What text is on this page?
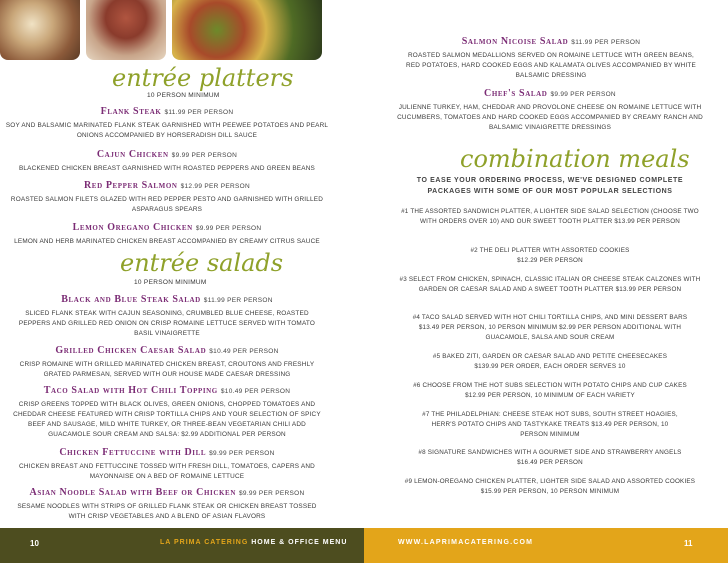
entrée platters
10 PERSON MINIMUM
Flank Steak $11.99 PER PERSON
SOY AND BALSAMIC MARINATED FLANK STEAK GARNISHED WITH PEEWEE POTATOES AND PEARL ONIONS ACCOMPANIED BY HORSERADISH DILL SAUCE
Cajun Chicken $9.99 PER PERSON
BLACKENED CHICKEN BREAST GARNISHED WITH ROASTED PEPPERS AND GREEN BEANS
Red Pepper Salmon $12.99 PER PERSON
ROASTED SALMON FILETS GLAZED WITH RED PEPPER PESTO AND GARNISHED WITH GRILLED ASPARAGUS SPEARS
Lemon Oregano Chicken $9.99 PER PERSON
LEMON AND HERB MARINATED CHICKEN BREAST ACCOMPANIED BY CREAMY CITRUS SAUCE
entrée salads
10 PERSON MINIMUM
Black and Blue Steak Salad $11.99 PER PERSON
SLICED FLANK STEAK WITH CAJUN SEASONING, CRUMBLED BLUE CHEESE, ROASTED PEPPERS AND GRILLED RED ONION ON CRISP ROMAINE LETTUCE SERVED WITH TOMATO BASIL VINAIGRETTE
Grilled Chicken Caesar Salad $10.49 PER PERSON
CRISP ROMAINE WITH GRILLED MARINATED CHICKEN BREAST, CROUTONS AND FRESHLY GRATED PARMESAN, SERVED WITH OUR HOUSE MADE CAESAR DRESSING
Taco Salad with Hot Chili Topping $10.49 PER PERSON
CRISP GREENS TOPPED WITH BLACK OLIVES, GREEN ONIONS, CHOPPED TOMATOES AND CHEDDAR CHEESE FEATURED WITH CRISP TORTILLA CHIPS AND YOUR SELECTION OF SPICY BEEF AND SAUSAGE, MILD WHITE TURKEY, OR THREE-BEAN VEGETARIAN CHILI ADD GUACAMOLE SOUR CREAM AND SALSA: $2.99 ADDITIONAL PER PERSON
Chicken Fettuccine with Dill $9.99 PER PERSON
CHICKEN BREAST AND FETTUCCINE TOSSED WITH FRESH DILL, TOMATOES, CAPERS AND MAYONNAISE ON A BED OF ROMAINE LETTUCE
Asian Noodle Salad with Beef or Chicken $9.99 PER PERSON
SESAME NOODLES WITH STRIPS OF GRILLED FLANK STEAK OR CHICKEN BREAST TOSSED WITH CRISP VEGETABLES AND A BLEND OF ASIAN FLAVORS
Salmon Nicoise Salad $11.99 PER PERSON
ROASTED SALMON MEDALLIONS SERVED ON ROMAINE LETTUCE WITH GREEN BEANS, RED POTATOES, HARD COOKED EGGS AND KALAMATA OLIVES ACCOMPANIED BY WHITE BALSAMIC DRESSING
Chef's Salad $9.99 PER PERSON
JULIENNE TURKEY, HAM, CHEDDAR AND PROVOLONE CHEESE ON ROMAINE LETTUCE WITH CUCUMBERS, TOMATOES AND HARD COOKED EGGS ACCOMPANIED BY CREAMY RANCH AND BALSAMIC VINAIGRETTE DRESSINGS
combination meals
TO EASE YOUR ORDERING PROCESS, WE'VE DESIGNED COMPLETE PACKAGES WITH SOME OF OUR MOST POPULAR SELECTIONS
#1 THE ASSORTED SANDWICH PLATTER, A LIGHTER SIDE SALAD SELECTION (CHOOSE TWO WITH ORDERS OVER 10) AND OUR SWEET TOOTH PLATTER $13.99 PER PERSON
#2 THE DELI PLATTER WITH ASSORTED COOKIES $12.29 PER PERSON
#3 SELECT FROM CHICKEN, SPINACH, CLASSIC ITALIAN OR CHEESE STEAK CALZONES WITH GARDEN OR CAESAR SALAD AND A SWEET TOOTH PLATTER $13.99 PER PERSON
#4 TACO SALAD SERVED WITH HOT CHILI TORTILLA CHIPS, AND MINI DESSERT BARS $13.49 PER PERSON, 10 PERSON MINIMUM $2.99 PER PERSON ADDITIONAL WITH GUACAMOLE, SALSA AND SOUR CREAM
#5 BAKED ZITI, GARDEN OR CAESAR SALAD AND PETITE CHEESECAKES $139.99 PER ORDER, EACH ORDER SERVES 10
#6 CHOOSE FROM THE HOT SUBS SELECTION WITH POTATO CHIPS AND CUP CAKES $12.99 PER PERSON, 10 MINIMUM OF EACH VARIETY
#7 THE PHILADELPHIAN: CHEESE STEAK HOT SUBS, SOUTH STREET HOAGIES, HERR'S POTATO CHIPS AND TASTYKAKE TREATS $13.49 PER PERSON, 10 PERSON MINIMUM
#8 SIGNATURE SANDWICHES WITH A GOURMET SIDE AND STRAWBERRY ANGELS $16.49 PER PERSON
#9 LEMON-OREGANO CHICKEN PLATTER, LIGHTER SIDE SALAD AND ASSORTED COOKIES $15.99 PER PERSON, 10 PERSON MINIMUM
10	LA PRIMA CATERING HOME & OFFICE MENU	WWW.LAPRIMACATERING.COM	11
